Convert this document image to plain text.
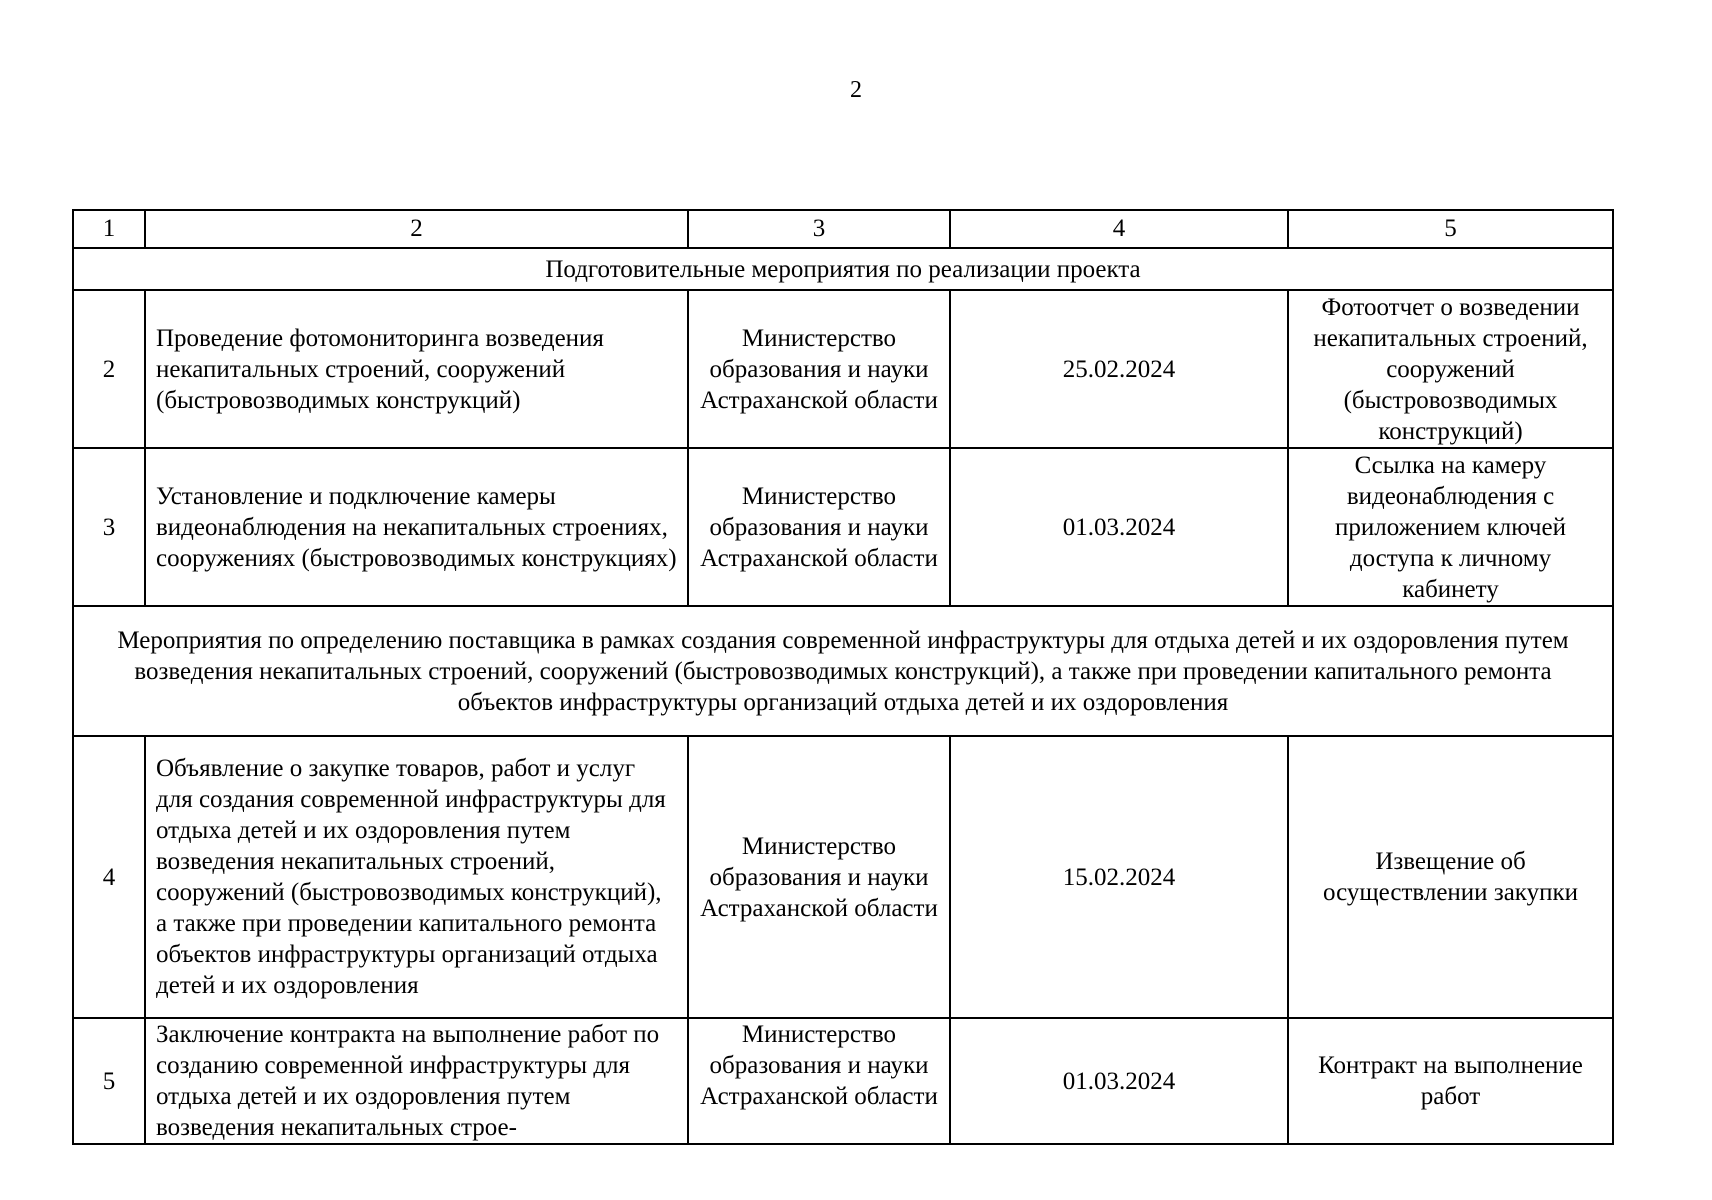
2
1	2	3	4	5
Подготовительные мероприятия по реализации проекта				
2	Проведение фотомониторинга возведения некапитальных строений, сооружений (быстровозводимых конструкций)	Министерство образования и науки Астраханской области	25.02.2024	Фотоотчет о возведении некапитальных строений, сооружений (быстровозводимых конструкций)
3	Установление и подключение камеры видеонаблюдения на некапитальных строениях, сооружениях (быстровозводимых конструкциях)	Министерство образования и науки Астраханской области	01.03.2024	Ссылка на камеру видеонаблюдения с приложением ключей доступа к личному кабинету
Мероприятия по определению поставщика в рамках создания современной инфраструктуры для отдыха детей и их оздоровления путем возведения некапитальных строений, сооружений (быстровозводимых конструкций), а также при проведении капитального ремонта объектов инфраструктуры организаций отдыха детей и их оздоровления				
4	Объявление о закупке товаров, работ и услуг для создания современной инфраструктуры для отдыха детей и их оздоровления путем возведения некапитальных строений, сооружений (быстровозводимых конструкций), а также при проведении капитального ремонта объектов инфраструктуры организаций отдыха детей и их оздоровления	Министерство образования и науки Астраханской области	15.02.2024	Извещение об осуществлении закупки
5	Заключение контракта на выполнение работ по созданию современной инфраструктуры для отдыха детей и их оздоровления путем возведения некапитальных строе-	Министерство образования и науки Астраханской области	01.03.2024	Контракт на выполнение работ
